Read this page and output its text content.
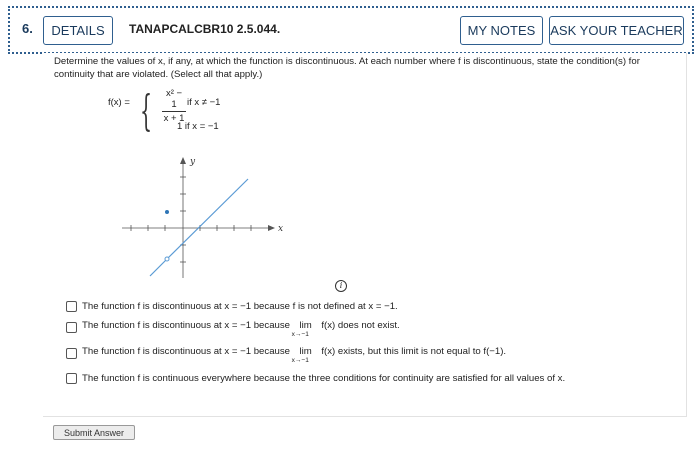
6.	DETAILS	TANAPCALCBR10 2.5.044.	MY NOTES	ASK YOUR TEACHER
Determine the values of x, if any, at which the function is discontinuous. At each number where f is discontinuous, state the condition(s) for continuity that are violated. (Select all that apply.)
f(x) = { $\frac{\text{x² − 1}}{x + 1}$ if x ≠ −1
1 if x = −1
y
x
i
The function f is discontinuous at x = −1 because f is not defined at x = −1.
The function f is discontinuous at x = −1 because lim
x→−1
f(x) does not exist.
The function f is discontinuous at x = −1 because lim
x→−1
f(x) exists, but this limit is not equal to f(−1).
The function f is continuous everywhere because the three conditions for continuity are satisfied for all values of x.
Submit Answer
